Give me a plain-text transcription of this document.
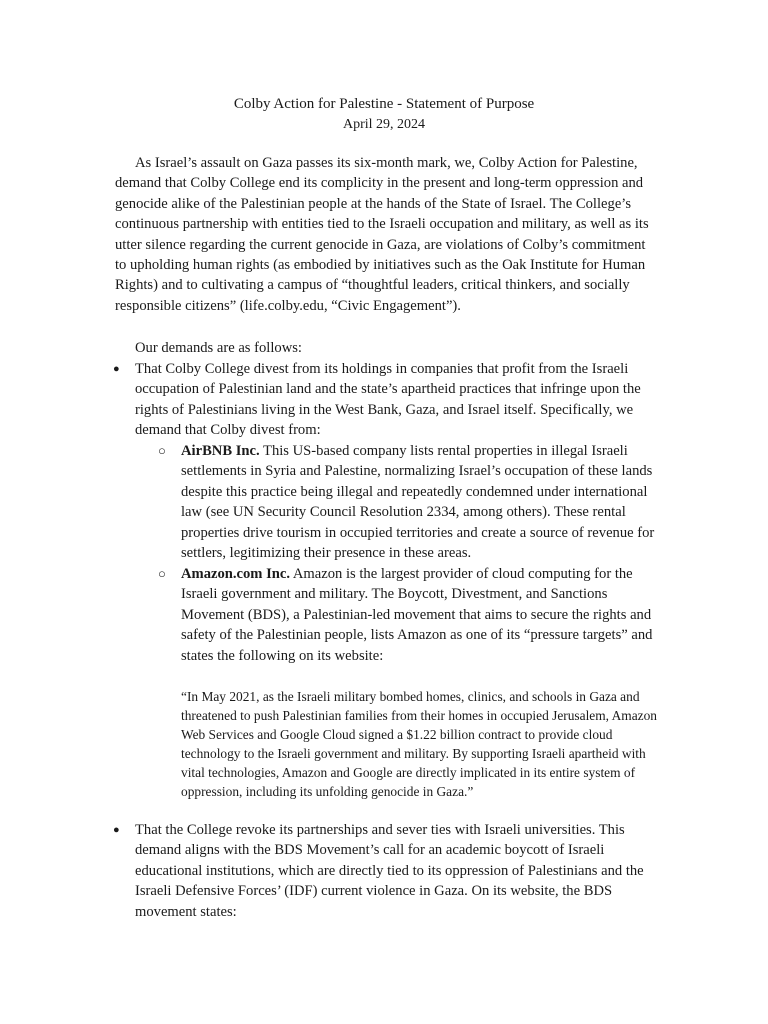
Colby Action for Palestine - Statement of Purpose
April 29, 2024

As Israel’s assault on Gaza passes its six-month mark, we, Colby Action for Palestine, demand that Colby College end its complicity in the present and long-term oppression and genocide alike of the Palestinian people at the hands of the State of Israel. The College’s continuous partnership with entities tied to the Israeli occupation and military, as well as its utter silence regarding the current genocide in Gaza, are violations of Colby’s commitment to upholding human rights (as embodied by initiatives such as the Oak Institute for Human Rights) and to cultivating a campus of “thoughtful leaders, critical thinkers, and socially responsible citizens” (life.colby.edu, “Civic Engagement”).

Our demands are as follows:

● That Colby College divest from its holdings in companies that profit from the Israeli occupation of Palestinian land and the state’s apartheid practices that infringe upon the rights of Palestinians living in the West Bank, Gaza, and Israel itself. Specifically, we demand that Colby divest from:

○ AirBNB Inc. This US-based company lists rental properties in illegal Israeli settlements in Syria and Palestine, normalizing Israel’s occupation of these lands despite this practice being illegal and repeatedly condemned under international law (see UN Security Council Resolution 2334, among others). These rental properties drive tourism in occupied territories and create a source of revenue for settlers, legitimizing their presence in these areas.

○ Amazon.com Inc. Amazon is the largest provider of cloud computing for the Israeli government and military. The Boycott, Divestment, and Sanctions Movement (BDS), a Palestinian-led movement that aims to secure the rights and safety of the Palestinian people, lists Amazon as one of its “pressure targets” and states the following on its website:

“In May 2021, as the Israeli military bombed homes, clinics, and schools in Gaza and threatened to push Palestinian families from their homes in occupied Jerusalem, Amazon Web Services and Google Cloud signed a $1.22 billion contract to provide cloud technology to the Israeli government and military. By supporting Israeli apartheid with vital technologies, Amazon and Google are directly implicated in its entire system of oppression, including its unfolding genocide in Gaza.”

● That the College revoke its partnerships and sever ties with Israeli universities. This demand aligns with the BDS Movement’s call for an academic boycott of Israeli educational institutions, which are directly tied to its oppression of Palestinians and the Israeli Defensive Forces’ (IDF) current violence in Gaza. On its website, the BDS movement states:
